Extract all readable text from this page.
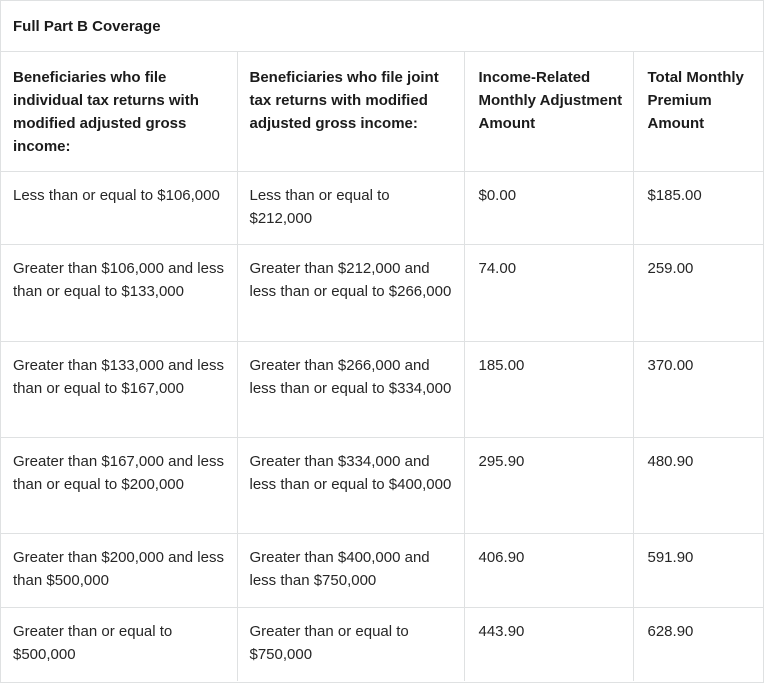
Full Part B Coverage
Beneficiaries who file individual tax returns with modified adjusted gross income:	Beneficiaries who file joint tax returns with modified adjusted gross income:	Income-Related Monthly Adjustment Amount	Total Monthly Premium Amount
Less than or equal to $106,000	Less than or equal to $212,000	$0.00	$185.00
Greater than $106,000 and less than or equal to $133,000	Greater than $212,000 and less than or equal to $266,000	74.00	259.00
Greater than $133,000 and less than or equal to $167,000	Greater than $266,000 and less than or equal to $334,000	185.00	370.00
Greater than $167,000 and less than or equal to $200,000	Greater than $334,000 and less than or equal to $400,000	295.90	480.90
Greater than $200,000 and less than $500,000	Greater than $400,000 and less than $750,000	406.90	591.90
Greater than or equal to $500,000	Greater than or equal to $750,000	443.90	628.90
